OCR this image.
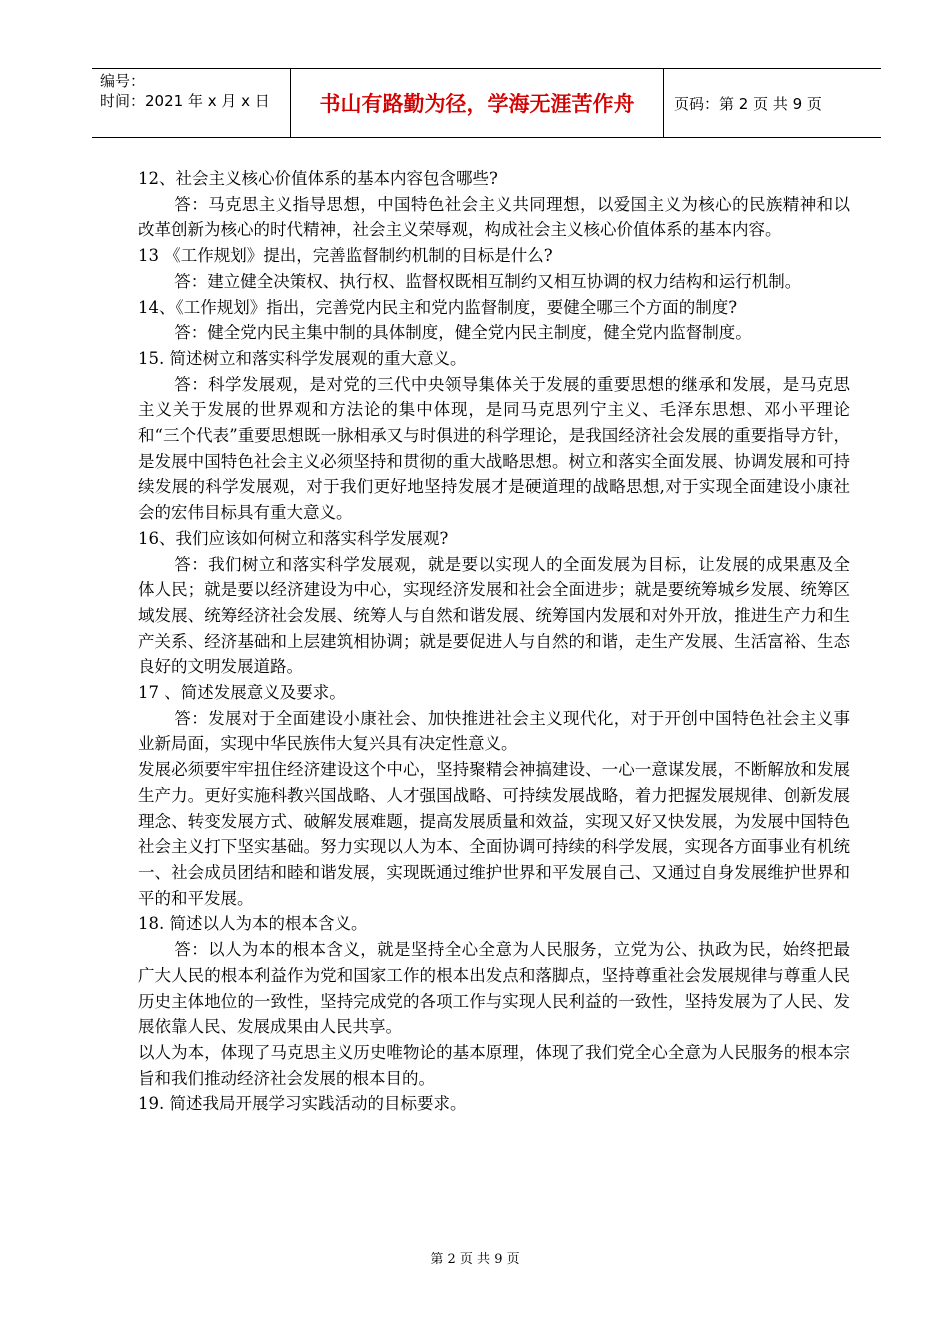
编号：
时间：2021 年 x 月 x 日	书山有路勤为径，学海无涯苦作舟	页码：第 2 页 共 9 页

12、社会主义核心价值体系的基本内容包含哪些?

答：马克思主义指导思想，中国特色社会主义共同理想，以爱国主义为核心的民族精神和以改革创新为核心的时代精神，社会主义荣辱观，构成社会主义核心价值体系的基本内容。

13 《工作规划》提出，完善监督制约机制的目标是什么?

答：建立健全决策权、执行权、监督权既相互制约又相互协调的权力结构和运行机制。

14、《工作规划》指出，完善党内民主和党内监督制度，要健全哪三个方面的制度?

答：健全党内民主集中制的具体制度，健全党内民主制度，健全党内监督制度。

15. 简述树立和落实科学发展观的重大意义。

答：科学发展观，是对党的三代中央领导集体关于发展的重要思想的继承和发展，是马克思主义关于发展的世界观和方法论的集中体现，是同马克思列宁主义、毛泽东思想、邓小平理论和“三个代表”重要思想既一脉相承又与时俱进的科学理论，是我国经济社会发展的重要指导方针，是发展中国特色社会主义必须坚持和贯彻的重大战略思想。树立和落实全面发展、协调发展和可持续发展的科学发展观，对于我们更好地坚持发展才是硬道理的战略思想,对于实现全面建设小康社会的宏伟目标具有重大意义。

16、我们应该如何树立和落实科学发展观?

答：我们树立和落实科学发展观，就是要以实现人的全面发展为目标，让发展的成果惠及全体人民；就是要以经济建设为中心，实现经济发展和社会全面进步；就是要统筹城乡发展、统筹区域发展、统筹经济社会发展、统筹人与自然和谐发展、统筹国内发展和对外开放，推进生产力和生产关系、经济基础和上层建筑相协调；就是要促进人与自然的和谐，走生产发展、生活富裕、生态良好的文明发展道路。

17 、简述发展意义及要求。

答：发展对于全面建设小康社会、加快推进社会主义现代化，对于开创中国特色社会主义事业新局面，实现中华民族伟大复兴具有决定性意义。

发展必须要牢牢扭住经济建设这个中心，坚持聚精会神搞建设、一心一意谋发展，不断解放和发展生产力。更好实施科教兴国战略、人才强国战略、可持续发展战略，着力把握发展规律、创新发展理念、转变发展方式、破解发展难题，提高发展质量和效益，实现又好又快发展，为发展中国特色社会主义打下坚实基础。努力实现以人为本、全面协调可持续的科学发展，实现各方面事业有机统一、社会成员团结和睦和谐发展，实现既通过维护世界和平发展自己、又通过自身发展维护世界和平的和平发展。

18. 简述以人为本的根本含义。

答：以人为本的根本含义，就是坚持全心全意为人民服务，立党为公、执政为民，始终把最广大人民的根本利益作为党和国家工作的根本出发点和落脚点，坚持尊重社会发展规律与尊重人民历史主体地位的一致性，坚持完成党的各项工作与实现人民利益的一致性，坚持发展为了人民、发展依靠人民、发展成果由人民共享。

以人为本，体现了马克思主义历史唯物论的基本原理，体现了我们党全心全意为人民服务的根本宗旨和我们推动经济社会发展的根本目的。

19. 简述我局开展学习实践活动的目标要求。

第 2 页 共 9 页
